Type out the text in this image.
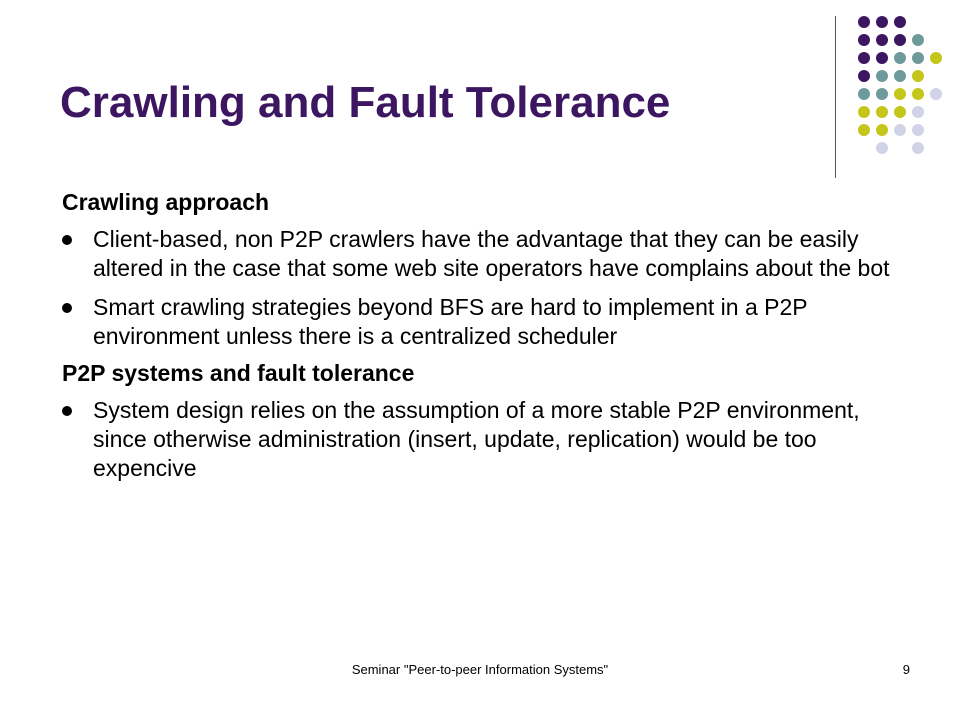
Crawling and Fault Tolerance
Crawling approach
Client-based, non P2P crawlers have the advantage that they can be easily altered in the case that some web site operators have complains about the bot
Smart crawling strategies beyond BFS are hard to implement in a P2P environment unless there is a centralized scheduler
P2P systems and fault tolerance
System design relies on the assumption of a more stable P2P environment, since otherwise administration (insert, update, replication) would be too expencive
Seminar "Peer-to-peer Information Systems"	9
